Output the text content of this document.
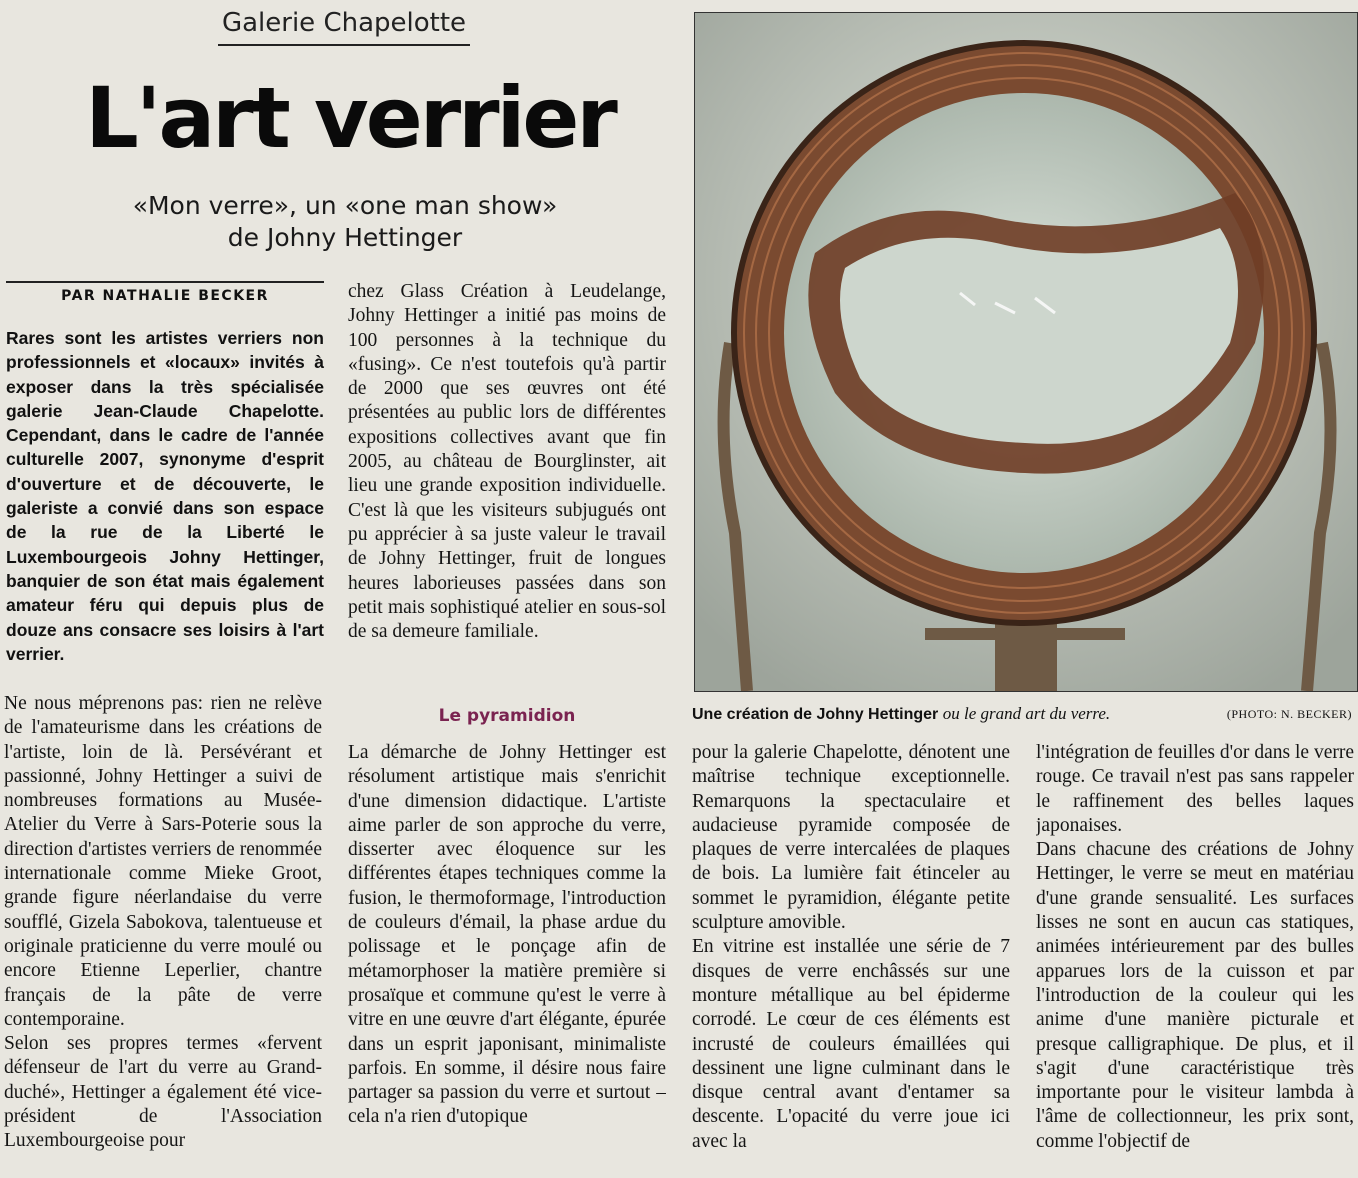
Galerie Chapelotte
L'art verrier
«Mon verre», un «one man show»
de Johny Hettinger
PAR NATHALIE BECKER
Rares sont les artistes verriers non professionnels et «locaux» invités à exposer dans la très spécialisée galerie Jean-Claude Chapelotte. Cependant, dans le cadre de l'année culturelle 2007, synonyme d'esprit d'ouverture et de découverte, le galeriste a convié dans son espace de la rue de la Liberté le Luxembourgeois Johny Hettinger, banquier de son état mais également amateur féru qui depuis plus de douze ans consacre ses loisirs à l'art verrier.
chez Glass Création à Leudelange, Johny Hettinger a initié pas moins de 100 personnes à la technique du «fusing». Ce n'est toutefois qu'à partir de 2000 que ses œuvres ont été présentées au public lors de différentes expositions collectives avant que fin 2005, au château de Bourglinster, ait lieu une grande exposition individuelle. C'est là que les visiteurs subjugués ont pu apprécier à sa juste valeur le travail de Johny Hettinger, fruit de longues heures laborieuses passées dans son petit mais sophistiqué atelier en sous-sol de sa demeure familiale.
Une création de Johny Hettinger ou le grand art du verre.	(PHOTO: N. BECKER)
Ne nous méprenons pas: rien ne relève de l'amateurisme dans les créations de l'artiste, loin de là. Persévérant et passionné, Johny Hettinger a suivi de nombreuses formations au Musée-Atelier du Verre à Sars-Poterie sous la direction d'artistes verriers de renommée internationale comme Mieke Groot, grande figure néerlandaise du verre soufflé, Gizela Sabokova, talentueuse et originale praticienne du verre moulé ou encore Etienne Leperlier, chantre français de la pâte de verre contemporaine.
Selon ses propres termes «fervent défenseur de l'art du verre au Grand-duché», Hettinger a également été vice-président de l'Association Luxembourgeoise pour
Le pyramidion
La démarche de Johny Hettinger est résolument artistique mais s'enrichit d'une dimension didactique. L'artiste aime parler de son approche du verre, disserter avec éloquence sur les différentes étapes techniques comme la fusion, le thermoformage, l'introduction de couleurs d'émail, la phase ardue du polissage et le ponçage afin de métamorphoser la matière première si prosaïque et commune qu'est le verre à vitre en une œuvre d'art élégante, épurée dans un esprit japonisant, minimaliste parfois. En somme, il désire nous faire partager sa passion du verre et surtout – cela n'a rien d'utopique
pour la galerie Chapelotte, dénotent une maîtrise technique exceptionnelle. Remarquons la spectaculaire et audacieuse pyramide composée de plaques de verre intercalées de plaques de bois. La lumière fait étinceler au sommet le pyramidion, élégante petite sculpture amovible.
En vitrine est installée une série de 7 disques de verre enchâssés sur une monture métallique au bel épiderme corrodé. Le cœur de ces éléments est incrusté de couleurs émaillées qui dessinent une ligne culminant dans le disque central avant d'entamer sa descente. L'opacité du verre joue ici avec la
l'intégration de feuilles d'or dans le verre rouge. Ce travail n'est pas sans rappeler le raffinement des belles laques japonaises.
Dans chacune des créations de Johny Hettinger, le verre se meut en matériau d'une grande sensualité. Les surfaces lisses ne sont en aucun cas statiques, animées intérieurement par des bulles apparues lors de la cuisson et par l'introduction de la couleur qui les anime d'une manière picturale et presque calligraphique. De plus, et il s'agit d'une caractéristique très importante pour le visiteur lambda à l'âme de collectionneur, les prix sont, comme l'objectif de
